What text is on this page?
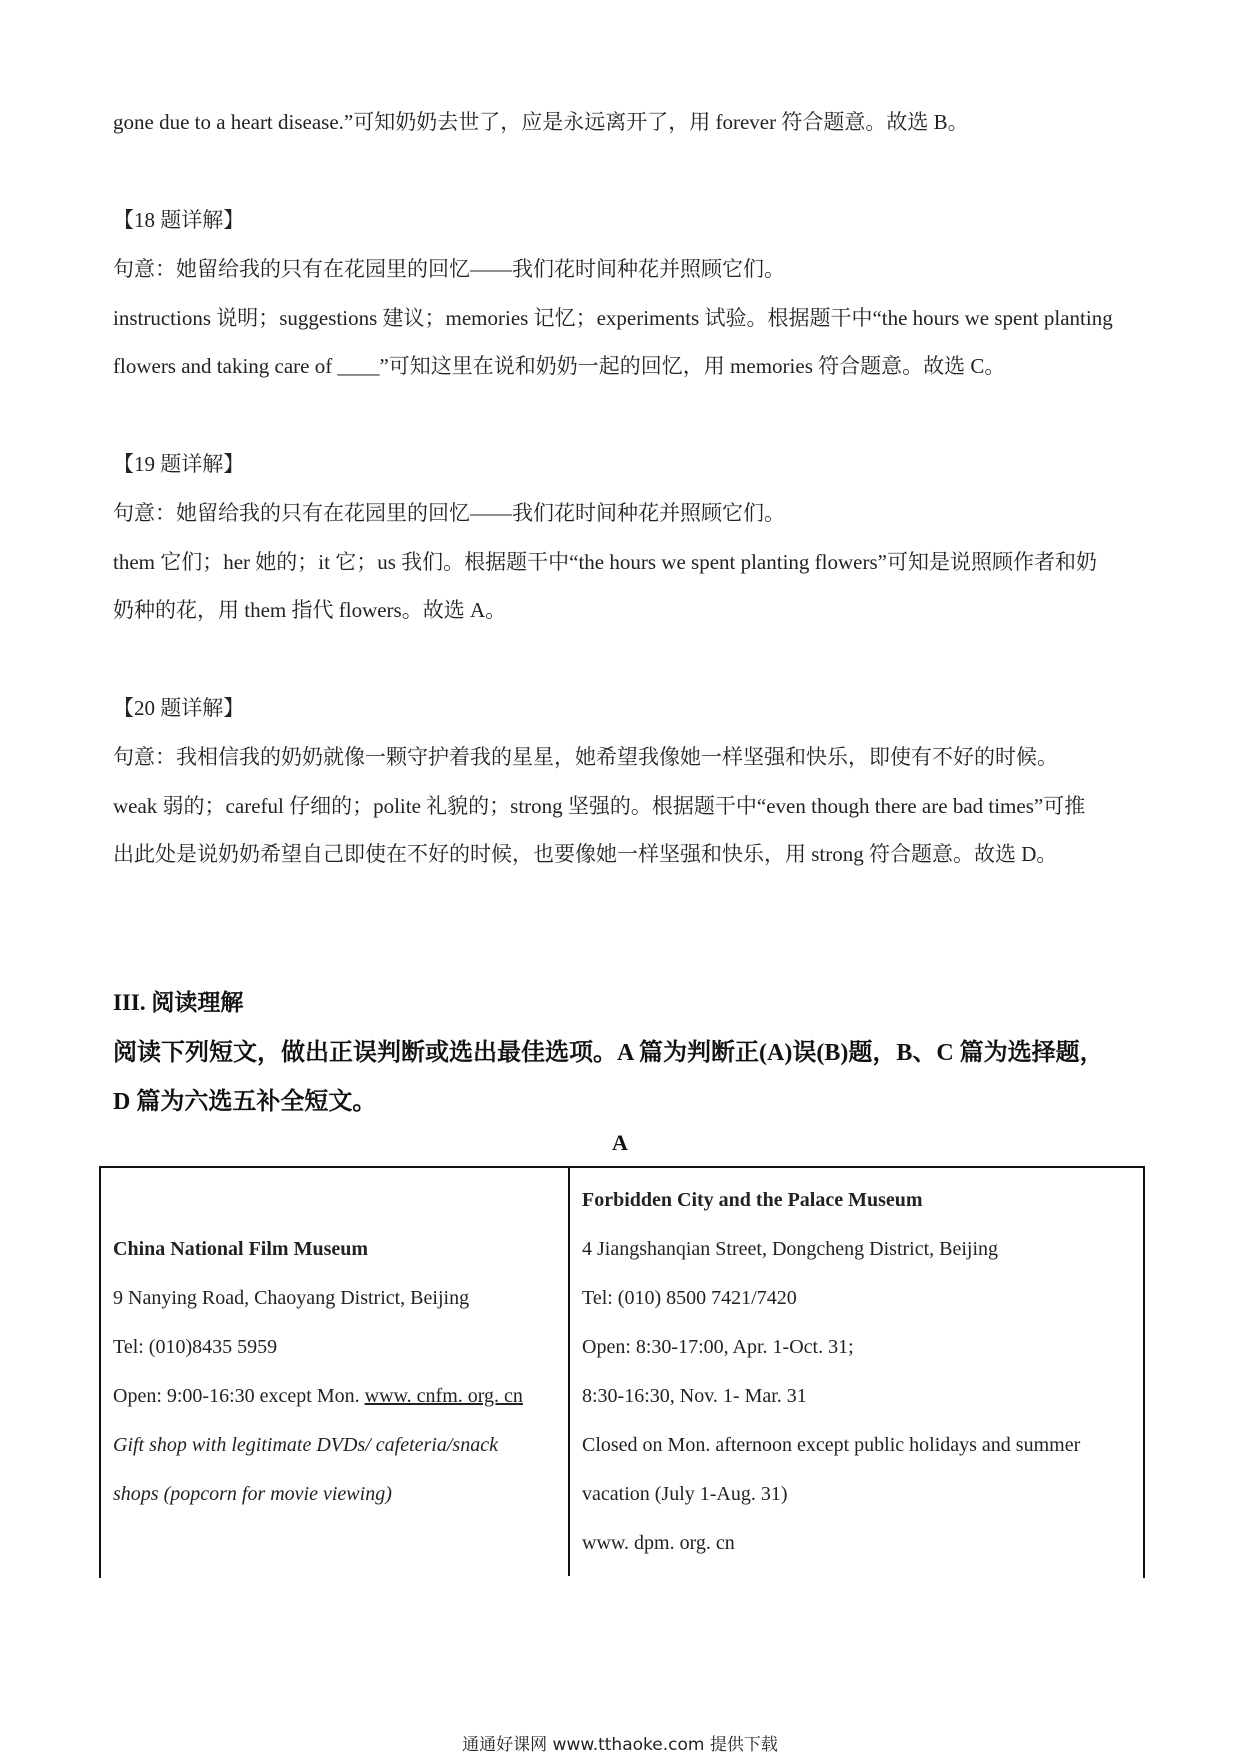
gone due to a heart disease.”可知奶奶去世了，应是永远离开了，用 forever 符合题意。故选 B。
【18 题详解】
句意：她留给我的只有在花园里的回忆——我们花时间种花并照顾它们。
instructions 说明；suggestions 建议；memories 记忆；experiments 试验。根据题干中“the hours we spent planting
flowers and taking care of ____”可知这里在说和奶奶一起的回忆，用 memories 符合题意。故选 C。
【19 题详解】
句意：她留给我的只有在花园里的回忆——我们花时间种花并照顾它们。
them 它们；her 她的；it 它；us 我们。根据题干中“the hours we spent planting flowers”可知是说照顾作者和奶
奶种的花，用 them 指代 flowers。故选 A。
【20 题详解】
句意：我相信我的奶奶就像一颗守护着我的星星，她希望我像她一样坚强和快乐，即使有不好的时候。
weak 弱的；careful 仔细的；polite 礼貌的；strong 坚强的。根据题干中“even though there are bad times”可推
出此处是说奶奶希望自己即使在不好的时候，也要像她一样坚强和快乐，用 strong 符合题意。故选 D。
III. 阅读理解
阅读下列短文，做出正误判断或选出最佳选项。A 篇为判断正(A)误(B)题，B、C 篇为选择题，
D 篇为六选五补全短文。
A
China National Film Museum
9 Nanying Road, Chaoyang District, Beijing
Tel: (010)8435 5959
Open: 9:00-16:30 except Mon. www. cnfm. org. cn
Gift shop with legitimate DVDs/ cafeteria/snack
shops (popcorn for movie viewing)
Forbidden City and the Palace Museum
4 Jiangshanqian Street, Dongcheng District, Beijing
Tel: (010) 8500 7421/7420
Open: 8:30-17:00, Apr. 1-Oct. 31;
8:30-16:30, Nov. 1- Mar. 31
Closed on Mon. afternoon except public holidays and summer
vacation (July 1-Aug. 31)
www. dpm. org. cn
通通好课网 www.tthaoke.com 提供下载
